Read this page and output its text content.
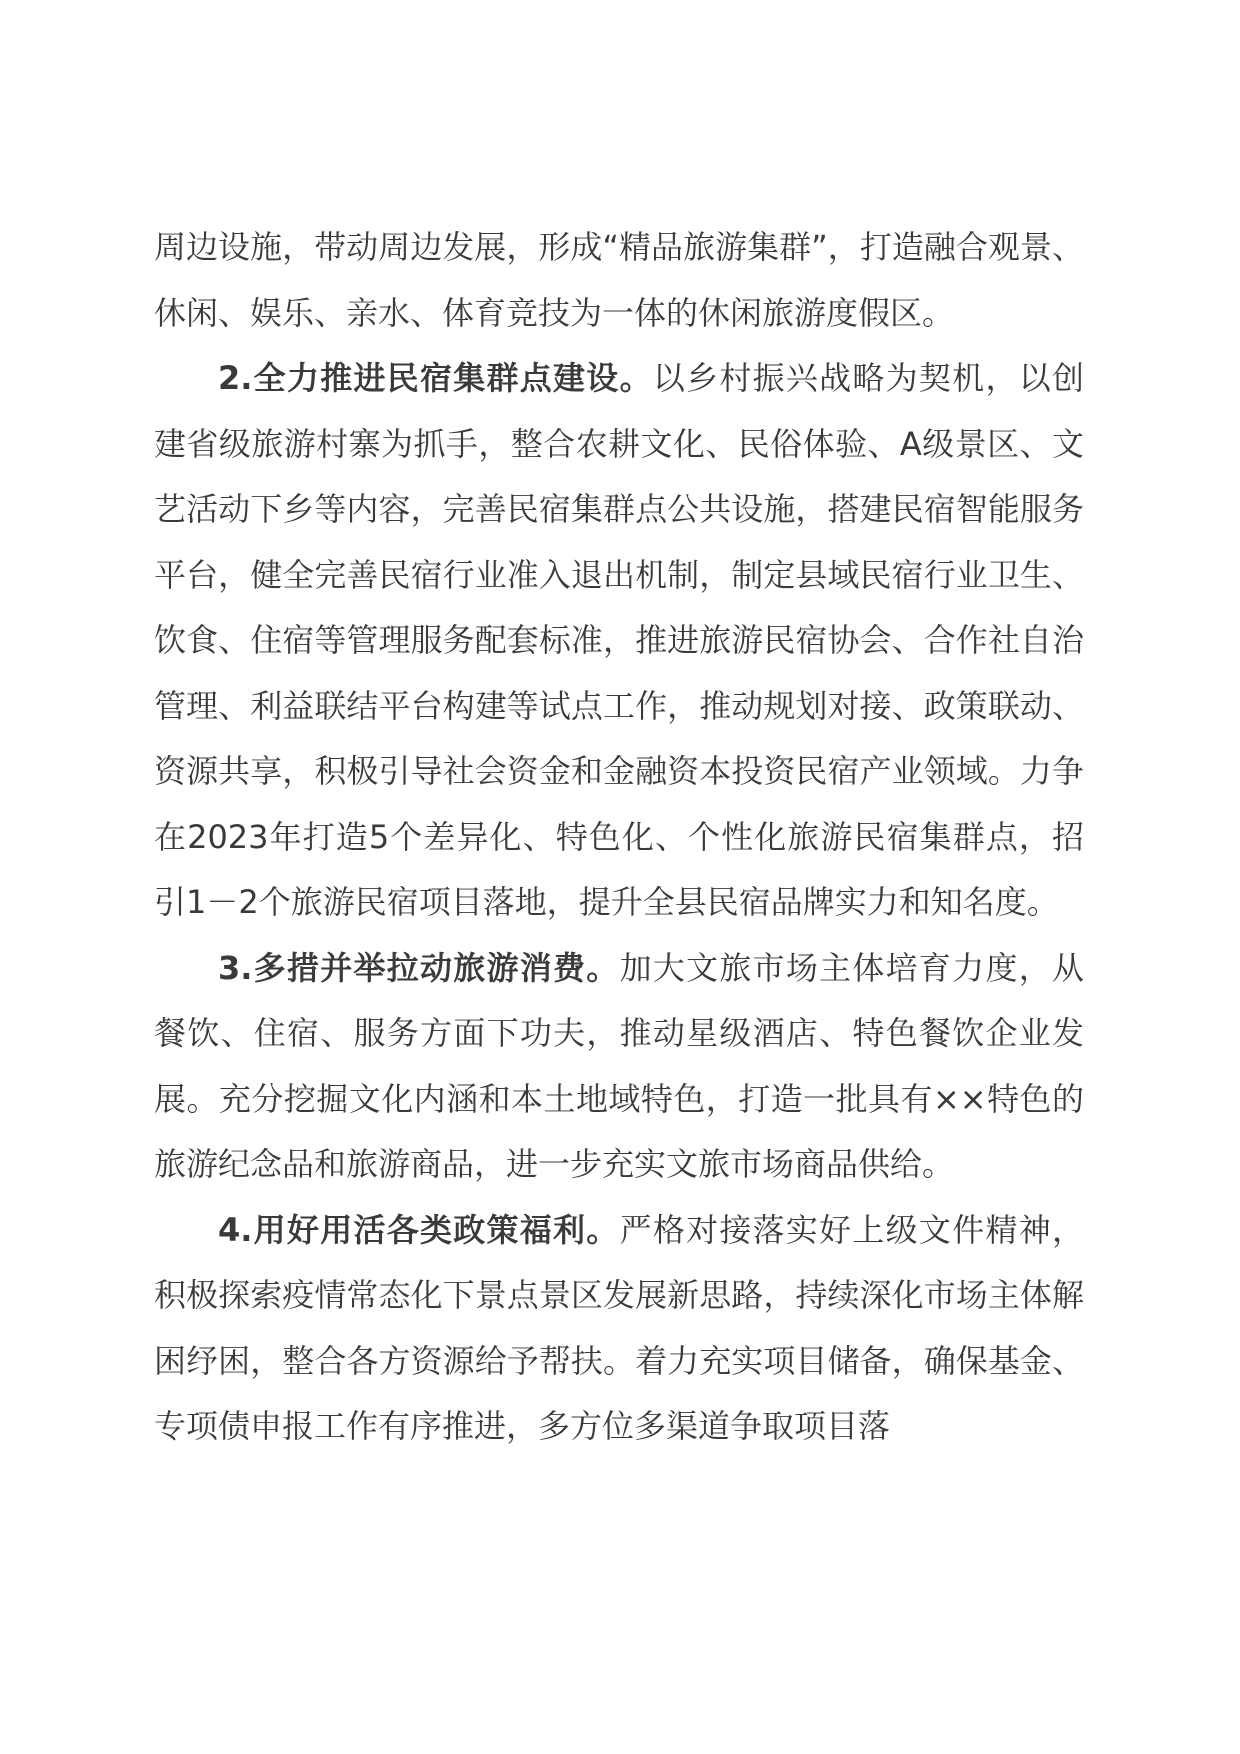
周边设施，带动周边发展，形成“精品旅游集群”，打造融合观景、休闲、娱乐、亲水、体育竞技为一体的休闲旅游度假区。

2.全力推进民宿集群点建设。以乡村振兴战略为契机，以创建省级旅游村寨为抓手，整合农耕文化、民俗体验、A级景区、文艺活动下乡等内容，完善民宿集群点公共设施，搭建民宿智能服务平台，健全完善民宿行业准入退出机制，制定县域民宿行业卫生、饮食、住宿等管理服务配套标准，推进旅游民宿协会、合作社自治管理、利益联结平台构建等试点工作，推动规划对接、政策联动、资源共享，积极引导社会资金和金融资本投资民宿产业领域。力争在2023年打造5个差异化、特色化、个性化旅游民宿集群点，招引1－2个旅游民宿项目落地，提升全县民宿品牌实力和知名度。

3.多措并举拉动旅游消费。加大文旅市场主体培育力度，从餐饮、住宿、服务方面下功夫，推动星级酒店、特色餐饮企业发展。充分挖掘文化内涵和本土地域特色，打造一批具有××特色的旅游纪念品和旅游商品，进一步充实文旅市场商品供给。

4.用好用活各类政策福利。严格对接落实好上级文件精神，积极探索疫情常态化下景点景区发展新思路，持续深化市场主体解困纾困，整合各方资源给予帮扶。着力充实项目储备，确保基金、专项债申报工作有序推进，多方位多渠道争取项目落
